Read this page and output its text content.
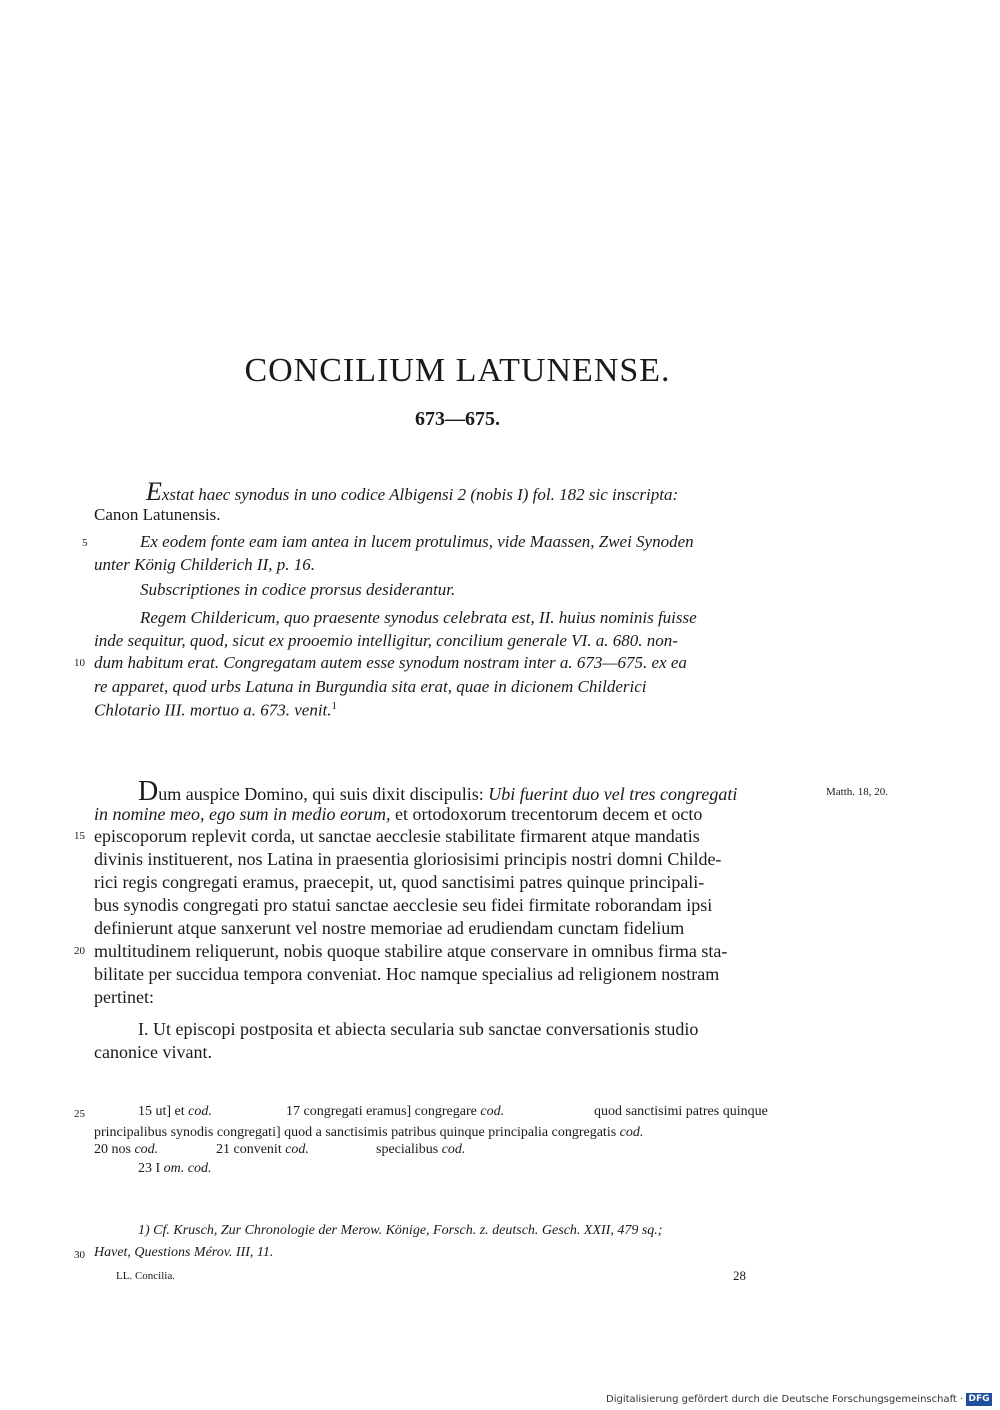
CONCILIUM LATUNENSE.
673—675.
Exstat haec synodus in uno codice Albigensi 2 (nobis I) fol. 182 sic inscripta:
Canon Latunensis.
5	Ex eodem fonte eam iam antea in lucem protulimus, vide Maassen, Zwei Synoden
unter König Childerich II, p. 16.
Subscriptiones in codice prorsus desiderantur.
Regem Childericum, quo praesente synodus celebrata est, II. huius nominis fuisse
inde sequitur, quod, sicut ex prooemio intelligitur, concilium generale VI. a. 680. non-
10 dum habitum erat. Congregatam autem esse synodum nostram inter a. 673—675. ex ea
re apparet, quod urbs Latuna in Burgundia sita erat, quae in dicionem Childerici
Chlotario III. mortuo a. 673. venit.$^1$
Dum auspice Domino, qui suis dixit discipulis: Ubi fuerint duo vel tres congregati	Matth. 18, 20.
in nomine meo, ego sum in medio eorum, et ortodoxorum trecentorum decem et octo
15 episcoporum replevit corda, ut sanctae aecclesie stabilitate firmarent atque mandatis
divinis instituerent, nos Latina in praesentia gloriosisimi principis nostri domni Childe-
rici regis congregati eramus, praecepit, ut, quod sanctisimi patres quinque principali-
bus synodis congregati pro statui sanctae aecclesie seu fidei firmitate roborandam ipsi
definierunt atque sanxerunt vel nostre memoriae ad erudiendam cunctam fidelium
20 multitudinem reliquerunt, nobis quoque stabilire atque conservare in omnibus firma sta-
bilitate per succidua tempora conveniat. Hoc namque specialius ad religionem nostram
pertinet:
I. Ut episcopi postposita et abiecta secularia sub sanctae conversationis studio
canonice vivant.
25	15 ut] et cod.	17 congregati eramus] congregare cod.	quod sanctisimi patres quinque
principalibus synodis congregati] quod a sanctisimis patribus quinque principalia congregatis cod.
20 nos cod.	21 convenit cod.	specialibus cod.
23 I om. cod.
1) Cf. Krusch, Zur Chronologie der Merow. Könige, Forsch. z. deutsch. Gesch. XXII, 479 sq.;
30 Havet, Questions Mérov. III, 11.
LL. Concilia.	28
Digitalisierung gefördert durch die Deutsche Forschungsgemeinschaft · DFG
